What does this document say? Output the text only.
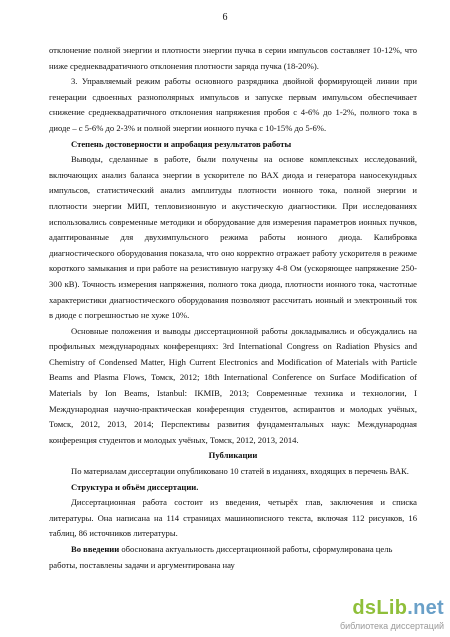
6

отклонение полной энергии и плотности энергии пучка в серии импульсов составляет 10-12%, что ниже среднеквадратичного отклонения плотности заряда пучка (18-20%).

3. Управляемый режим работы основного разрядника двойной формирующей линии при генерации сдвоенных разнополярных импульсов и запуске первым импульсом обеспечивает снижение среднеквадратичного отклонения напряжения пробоя с 4-6% до 1-2%, полного тока в диоде – с 5-6% до 2-3% и полной энергии ионного пучка с 10-15% до 5-6%.

Степень достоверности и апробация результатов работы

Выводы, сделанные в работе, были получены на основе комплексных исследований, включающих анализ баланса энергии в ускорителе по ВАХ диода и генератора наносекундных импульсов, статистический анализ амплитуды плотности ионного тока, полной энергии и плотности энергии МИП, тепловизионную и акустическую диагностики. При исследованиях использовались современные методики и оборудование для измерения параметров ионных пучков, адаптированные для двухимпульсного режима работы ионного диода. Калибровка диагностического оборудования показала, что оно корректно отражает работу ускорителя в режиме короткого замыкания и при работе на резистивную нагрузку 4-8 Ом (ускоряющее напряжение 250-300 кВ). Точность измерения напряжения, полного тока диода, плотности ионного тока, частотные характеристики диагностического оборудования позволяют рассчитать ионный и электронный ток в диоде с погрешностью не хуже 10%.

Основные положения и выводы диссертационной работы докладывались и обсуждались на профильных международных конференциях: 3rd International Congress on Radiation Physics and Chemistry of Condensed Matter, High Current Electronics and Modification of Materials with Particle Beams and Plasma Flows, Томск, 2012; 18th International Conference on Surface Modification of Materials by Ion Beams, Istanbul: IKMIB, 2013; Современные техника и технологии, I Международная научно-практическая конференция студентов, аспирантов и молодых учёных, Томск, 2012, 2013, 2014; Перспективы развития фундаментальных наук: Международная конференция студентов и молодых учёных, Томск, 2012, 2013, 2014.

Публикации

По материалам диссертации опубликовано 10 статей в изданиях, входящих в перечень ВАК.

Структура и объём диссертации.

Диссертационная работа состоит из введения, четырёх глав, заключения и списка литературы. Она написана на 114 страницах машинописного текста, включая 112 рисунков, 16 таблиц, 86 источников литературы.

Во введении обоснована актуальность диссертационной работы, сформулирована цель работы, поставлены задачи и аргументирована нау

dsLib.net
библиотека диссертаций
